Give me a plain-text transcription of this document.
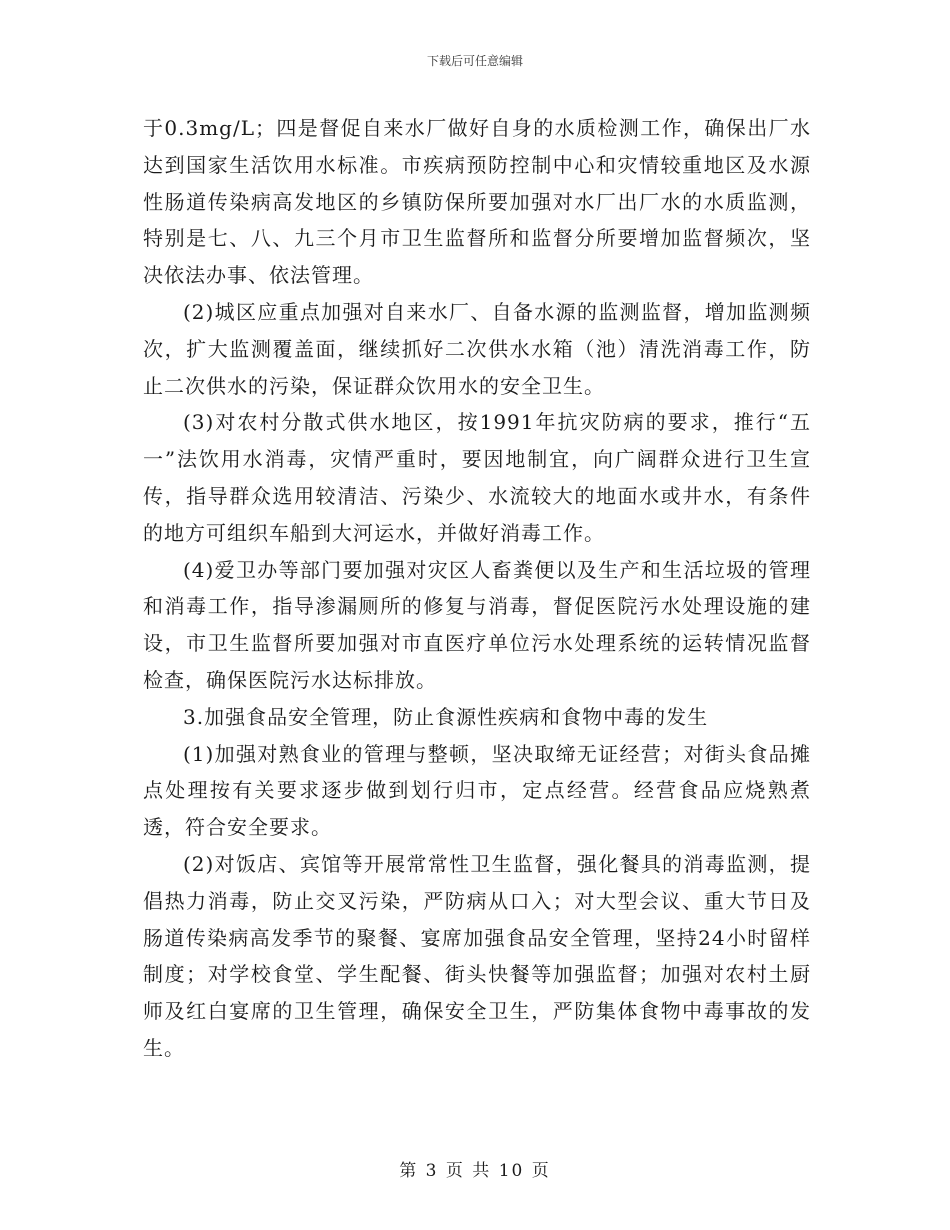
下载后可任意编辑

于0.3mg/L；四是督促自来水厂做好自身的水质检测工作，确保出厂水达到国家生活饮用水标准。市疾病预防控制中心和灾情较重地区及水源性肠道传染病高发地区的乡镇防保所要加强对水厂出厂水的水质监测，特别是七、八、九三个月市卫生监督所和监督分所要增加监督频次，坚决依法办事、依法管理。

(2)城区应重点加强对自来水厂、自备水源的监测监督，增加监测频次，扩大监测覆盖面，继续抓好二次供水水箱（池）清洗消毒工作，防止二次供水的污染，保证群众饮用水的安全卫生。

(3)对农村分散式供水地区，按1991年抗灾防病的要求，推行“五一”法饮用水消毒，灾情严重时，要因地制宜，向广阔群众进行卫生宣传，指导群众选用较清洁、污染少、水流较大的地面水或井水，有条件的地方可组织车船到大河运水，并做好消毒工作。

(4)爱卫办等部门要加强对灾区人畜粪便以及生产和生活垃圾的管理和消毒工作，指导渗漏厕所的修复与消毒，督促医院污水处理设施的建设，市卫生监督所要加强对市直医疗单位污水处理系统的运转情况监督检查，确保医院污水达标排放。

3.加强食品安全管理，防止食源性疾病和食物中毒的发生

(1)加强对熟食业的管理与整顿，坚决取缔无证经营；对街头食品摊点处理按有关要求逐步做到划行归市，定点经营。经营食品应烧熟煮透，符合安全要求。

(2)对饭店、宾馆等开展常常性卫生监督，强化餐具的消毒监测，提倡热力消毒，防止交叉污染，严防病从口入；对大型会议、重大节日及肠道传染病高发季节的聚餐、宴席加强食品安全管理，坚持24小时留样制度；对学校食堂、学生配餐、街头快餐等加强监督；加强对农村土厨师及红白宴席的卫生管理，确保安全卫生，严防集体食物中毒事故的发生。

第 3 页 共 10 页
